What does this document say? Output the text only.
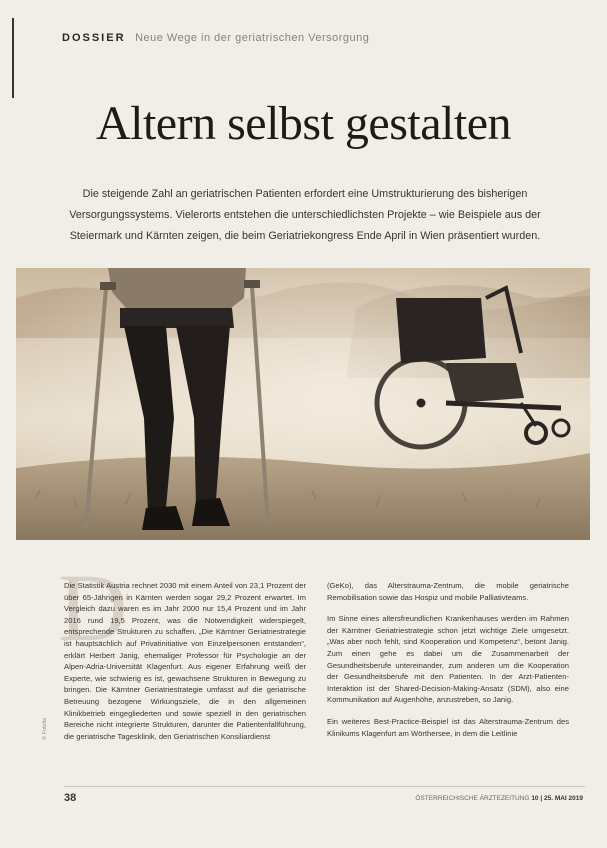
DOSSIER Neue Wege in der geriatrischen Versorgung
Altern selbst gestalten

Die steigende Zahl an geriatrischen Patienten erfordert eine Umstrukturierung des bisherigen Versorgungssystems. Vielerorts entstehen die unterschiedlichsten Projekte – wie Beispiele aus der Steiermark und Kärnten zeigen, die beim Geriatriekongress Ende April in Wien präsentiert wurden.

D

Die Statistik Austria rechnet 2030 mit einem Anteil von 23,1 Prozent der über 65-Jährigen in Kärnten werden sogar 29,2 Prozent erwartet. Im Vergleich dazu waren es im Jahr 2000 nur 15,4 Prozent und im Jahr 2016 rund 19,5 Prozent, was die Notwendigkeit widerspiegelt, entsprechende Strukturen zu schaffen. „Die Kärntner Geriatriestrategie ist hauptsächlich auf Privatinitiative von Einzelpersonen entstanden“, erklärt Herbert Janig, ehemaliger Professor für Psychologie an der Alpen-Adria-Universität Klagenfurt. Aus eigener Erfahrung weiß der Experte, wie schwierig es ist, gewachsene Strukturen in Bewegung zu bringen. Die Kärntner Geriatriestrategie umfasst auf die geriatrische Betreuung bezogene Wirkungsziele, die in den allgemeinen Klinikbetrieb eingegliederten und sowie speziell in den geriatrischen Bereiche nicht integrierte Strukturen, darunter die Patientenfallführung, die geriatrische Tagesklinik, den Geriatrischen Konsiliardienst

(GeKo), das Alterstrauma-Zentrum, die mobile geriatrische Remobilisation sowie das Hospiz und mobile Palliativteams.

Im Sinne eines altersfreundlichen Krankenhauses werden im Rahmen der Kärntner Geriatriestrategie schon jetzt wichtige Ziele umgesetzt. „Was aber noch fehlt, sind Kooperation und Kompetenz“, betont Janig. Zum einen gehe es dabei um die Zusammenarbeit der Gesundheitsberufe untereinander, zum anderen um die Kooperation der Gesundheitsberufe mit den Patienten. In der Arzt-Patienten-Interaktion ist der Shared-Decision-Making-Ansatz (SDM), also eine Kommunikation auf Augenhöhe, anzustreben, so Janig.

Ein weiteres Best-Practice-Beispiel ist das Alterstrauma-Zentrum des Klinikums Klagenfurt am Wörthersee, in dem die Leitlinie

© Fotolia
38	ÖSTERREICHISCHE ÄRZTEZEITUNG 10 | 25. MAI 2019
